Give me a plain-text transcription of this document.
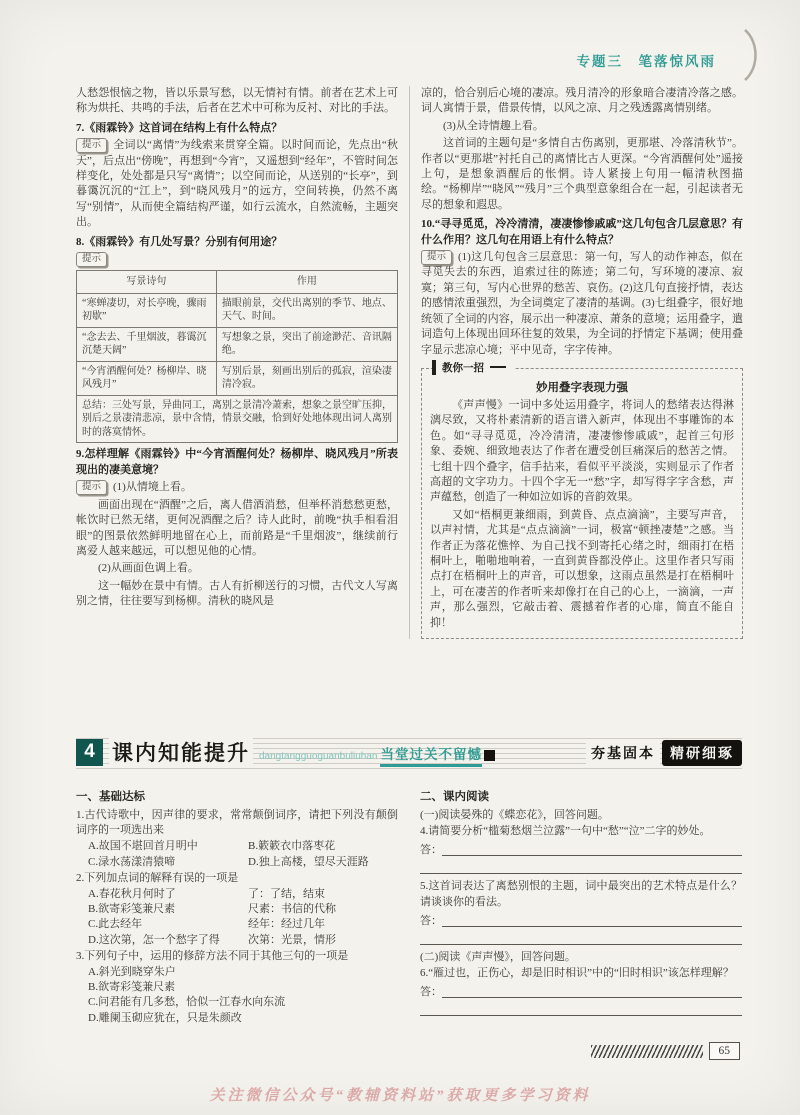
专题三　笔落惊风雨

人愁怨恨恼之物，皆以乐景写愁，以无情衬有情。前者在艺术上可称为烘托、共鸣的手法，后者在艺术中可称为反衬、对比的手法。

7.《雨霖铃》这首词在结构上有什么特点？

提示 全词以“离情”为线索来贯穿全篇。以时间而论，先点出“秋天”，后点出“傍晚”，再想到“今宵”，又遥想到“经年”，不管时间怎样变化，处处都是只写“离情”；以空间而论，从送别的“长亭”，到暮霭沉沉的“江上”，到“晓风残月”的远方，空间转换，仍然不离写“别情”，从而使全篇结构严谨，如行云流水，自然流畅，主题突出。

8.《雨霖铃》有几处写景？分别有何用途？

提示
写景诗句	作用
“寒蝉凄切，对长亭晚，骤雨初歇”	描眼前景，交代出离别的季节、地点、天气、时间。
“念去去、千里烟波，暮霭沉沉楚天阔”	写想象之景，突出了前途渺茫、音讯隔绝。
“今宵酒醒何处？杨柳岸、晓风残月”	写别后景，刻画出别后的孤寂，渲染凄清冷寂。
总结：三处写景，异曲同工，离别之景清冷萧索，想象之景空旷压抑，别后之景凄清悲凉，景中含情，情景交融，恰到好处地体现出词人离别时的落寞情怀。	

9.怎样理解《雨霖铃》中“今宵酒醒何处？杨柳岸、晓风残月”所表现出的凄美意境？

提示 (1)从情境上看。

画面出现在“酒醒”之后，离人借酒消愁，但举杯消愁愁更愁，帐饮时已然无绪，更何况酒醒之后？诗人此时，前晚“执手相看泪眼”的图景依然鲜明地留在心上，而前路是“千里烟波”，继续前行离爱人越来越远，可以想见他的心情。

(2)从画面色调上看。

这一幅妙在景中有情。古人有折柳送行的习惯，古代文人写离别之情，往往要写到杨柳。清秋的晓风是

凉的，恰合别后心境的凄凉。残月清冷的形象暗合凄清冷落之感。词人寓情于景，借景传情，以风之凉、月之残透露离情别绪。

(3)从全诗情趣上看。

这首词的主题句是“多情自古伤离别，更那堪、冷落清秋节”。作者以“更那堪”衬托自己的离情比古人更深。“今宵酒醒何处”遥接上句，是想象酒醒后的怅惘。诗人紧接上句用一幅清秋图描绘。“杨柳岸”“晓风”“残月”三个典型意象组合在一起，引起读者无尽的想象和遐思。

10.“寻寻觅觅，冷冷清清，凄凄惨惨戚戚”这几句包含几层意思？有什么作用？这几句在用语上有什么特点？

提示 (1)这几句包含三层意思：第一句，写人的动作神态，似在寻觅失去的东西，追索过往的陈迹；第二句，写环境的凄凉、寂寞；第三句，写内心世界的愁苦、哀伤。(2)这几句直接抒情，表达的感情浓重强烈，为全词奠定了凄清的基调。(3)七组叠字，很好地统领了全词的内容，展示出一种凄凉、萧条的意境；运用叠字，遣词造句上体现出回环往复的效果，为全词的抒情定下基调；使用叠字显示悲凉心境；平中见奇，字字传神。
教你一招

妙用叠字表现力强

《声声慢》一词中多处运用叠字，将词人的愁绪表达得淋漓尽致，又将朴素清新的语言谱入新声，体现出不事雕饰的本色。如“寻寻觅觅，冷冷清清，凄凄惨惨戚戚”，起首三句形象、委婉、细致地表达了作者在遭受创巨痛深后的愁苦之情。七组十四个叠字，信手拈来，看似平平淡淡，实则显示了作者高超的文字功力。十四个字无一“愁”字，却写得字字含愁，声声蕴愁，创造了一种如泣如诉的音韵效果。

又如“梧桐更兼细雨，到黄昏、点点滴滴”，主要写声音，以声衬情，尤其是“点点滴滴”一词，极富“顿挫凄楚”之感。当作者正为落花憔悴、为自己找不到寄托心绪之时，细雨打在梧桐叶上，啪啪地响着，一直到黄昏都没停止。这里作者只写雨点打在梧桐叶上的声音，可以想象，这雨点虽然是打在梧桐叶上，可在凄苦的作者听来却像打在自己的心上，一滴滴，一声声，那么强烈，它敲击着、震撼着作者的心扉，简直不能自抑！

4 课内知能提升 dangtangguoguanbuliuhan 当堂过关不留憾	夯基固本	精研细琢

一、基础达标

1.古代诗歌中，因声律的要求，常常颠倒词序，请把下列没有颠倒词序的一项选出来

A.故国不堪回首月明中	B.簌簌衣巾落枣花
C.渌水荡漾清猿啼	D.独上高楼，望尽天涯路

2.下列加点词的解释有误的一项是

A.春花秋月何时了	了：了结，结束
B.欲寄彩笺兼尺素	尺素：书信的代称
C.此去经年	经年：经过几年
D.这次第，怎一个愁字了得	次第：光景，情形

3.下列句子中，运用的修辞方法不同于其他三句的一项是

A.斜光到晓穿朱户
B.欲寄彩笺兼尺素
C.问君能有几多愁，恰似一江春水向东流
D.雕阑玉砌应犹在，只是朱颜改

二、课内阅读

(一)阅读晏殊的《蝶恋花》，回答问题。

4.请简要分析“槛菊愁烟兰泣露”一句中“愁”“泣”二字的妙处。

答：

5.这首词表达了离愁别恨的主题，词中最突出的艺术特点是什么？请谈谈你的看法。

答：

(二)阅读《声声慢》，回答问题。

6.“雁过也，正伤心，却是旧时相识”中的“旧时相识”该怎样理解？

答：
65
关注微信公众号“教辅资料站”获取更多学习资料
